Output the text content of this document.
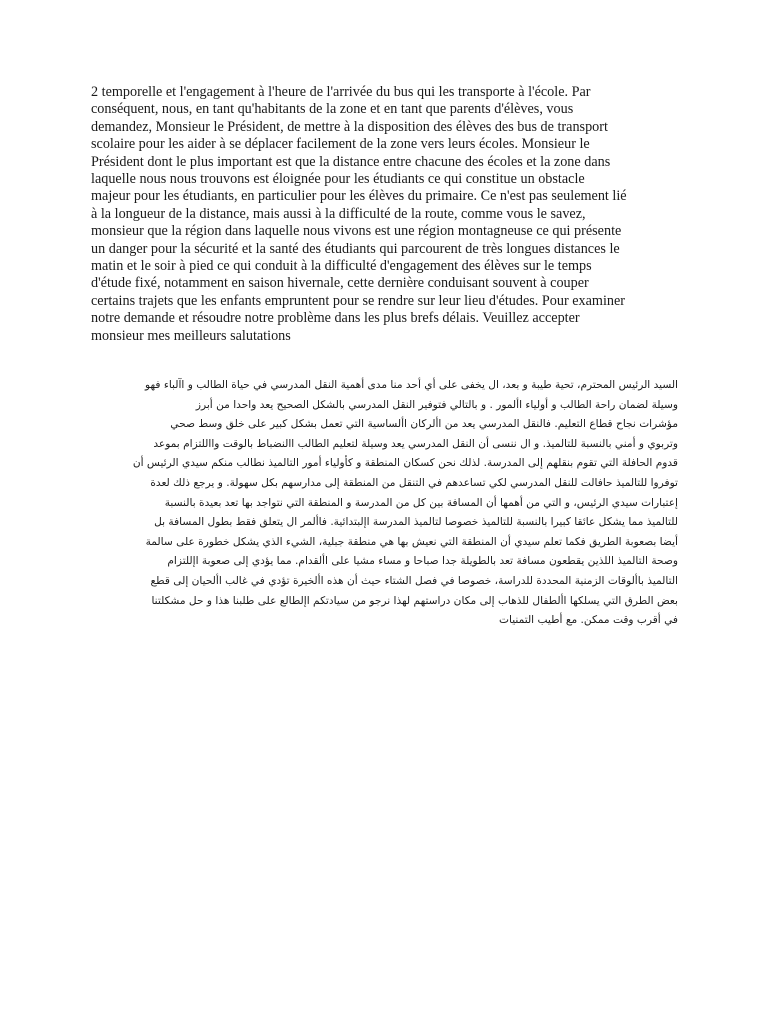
2 temporelle et l'engagement à l'heure de l'arrivée du bus qui les transporte à l'école. Par
conséquent, nous, en tant qu'habitants de la zone et en tant que parents d'élèves, vous
demandez, Monsieur le Président, de mettre à la disposition des élèves des bus de transport
scolaire pour les aider à se déplacer facilement de la zone vers leurs écoles. Monsieur le
Président dont le plus important est que la distance entre chacune des écoles et la zone dans
laquelle nous nous trouvons est éloignée pour les étudiants ce qui constitue un obstacle
majeur pour les étudiants, en particulier pour les élèves du primaire. Ce n'est pas seulement lié
à la longueur de la distance, mais aussi à la difficulté de la route, comme vous le savez,
monsieur que la région dans laquelle nous vivons est une région montagneuse ce qui présente
un danger pour la sécurité et la santé des étudiants qui parcourent de très longues distances le
matin et le soir à pied ce qui conduit à la difficulté d'engagement des élèves sur le temps
d'étude fixé, notamment en saison hivernale, cette dernière conduisant souvent à couper
certains trajets que les enfants empruntent pour se rendre sur leur lieu d'études. Pour examiner
notre demande et résoudre notre problème dans les plus brefs délais. Veuillez accepter
monsieur mes meilleurs salutations

السيد الرئيس المحترم، تحية طيبة و بعد، ال يخفى على أي أحد منا مدى أهمية النقل المدرسي في حياة الطالب و اآلباء فهو
وسيلة لضمان راحة الطالب و أولياء األمور . و بالتالي فتوفير النقل المدرسي بالشكل الصحيح يعد واحدا من أبرز
مؤشرات نجاح قطاع التعليم. فالنقل المدرسي يعد من األركان األساسية التي تعمل بشكل كبير على خلق وسط صحي
وتربوي و أمني بالنسبة للتالميذ. و ال ننسى أن النقل المدرسي يعد وسيلة لتعليم الطالب االنضباط بالوقت وااللتزام بموعد
قدوم الحافلة التي تقوم بنقلهم إلى المدرسة. لذلك نحن كسكان المنطقة و كأولياء أمور التالميذ نطالب منكم سيدي الرئيس أن
توفروا للتالميذ حافالت للنقل المدرسي لكي تساعدهم في التنقل من المنطقة إلى مدارسهم بكل سهولة. و يرجع ذلك لعدة
إعتبارات سيدي الرئيس، و التي من أهمها أن المسافة بين كل من المدرسة و المنطقة التي نتواجد بها تعد بعيدة بالنسبة
للتالميذ مما يشكل عائقا كبيرا بالنسبة للتالميذ خصوصا لتالميذ المدرسة اإلبتدائية. فاألمر ال يتعلق فقط بطول المسافة بل
أيضا بصعوبة الطريق فكما تعلم سيدي أن المنطقة التي نعيش بها هي منطقة جبلية، الشيء الذي يشكل خطورة على سالمة
وصحة التالميذ اللذين يقطعون مسافة تعد بالطويلة جدا صباحا و مساء مشيا على األقدام. مما يؤدي إلى صعوبة اإللتزام
التالميذ باألوقات الزمنية المحددة للدراسة، خصوصا في فصل الشتاء حيث أن هذه األخيرة تؤدي في غالب األحيان إلى قطع
بعض الطرق التي يسلكها األطفال للذهاب إلى مكان دراستهم لهذا نرجو من سيادتكم اإلطالع على طلبنا هذا و حل مشكلتنا
في أقرب وقت ممكن. مع أطيب التمنيات
